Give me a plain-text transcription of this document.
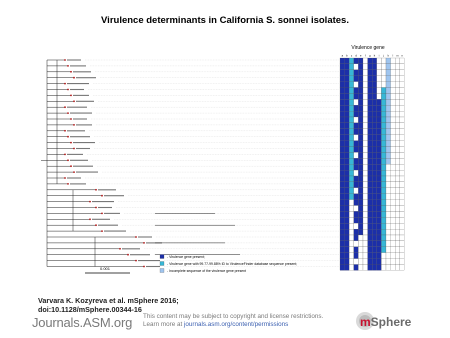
Virulence determinants in California S. sonnei isolates.
a b c d e f g h i	j k l m n
Virulence gene
0.001
- Virulence gene present;
- Virulence gene with 99.77-99.88% ID to VirulenceFinder database sequence present;
- Incomplete sequence of the virulence gene present
Varvara K. Kozyreva et al. mSphere 2016;
doi:10.1128/mSphere.00344-16
Journals.ASM.org This content may be subject to copyright and license restrictions.
Learn more at journals.asm.org/content/permissions	mSphere
